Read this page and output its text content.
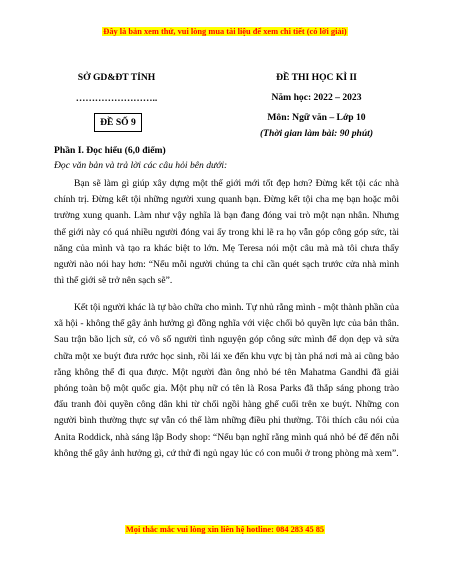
Đây là bản xem thử, vui lòng mua tài liệu để xem chi tiết (có lời giải)
SỞ GD&ĐT TỈNH
……………………..
ĐỀ SỐ 9
ĐỀ THI HỌC KÌ II
Năm học: 2022 – 2023
Môn: Ngữ văn – Lớp 10
(Thời gian làm bài: 90 phút)
Phần I. Đọc hiểu (6,0 điểm)
Đọc văn bản và trả lời các câu hỏi bên dưới:

Bạn sẽ làm gì giúp xây dựng một thế giới mới tốt đẹp hơn? Đừng kết tội các nhà chính trị. Đừng kết tội những người xung quanh bạn. Đừng kết tội cha mẹ bạn hoặc môi trường xung quanh. Làm như vậy nghĩa là bạn đang đóng vai trò một nạn nhân. Nhưng thế giới này có quá nhiều người đóng vai ấy trong khi lẽ ra họ vẫn góp công góp sức, tài năng của mình và tạo ra khác biệt to lớn. Mẹ Teresa nói một câu mà mà tôi chưa thấy người nào nói hay hơn: “Nếu mỗi người chúng ta chỉ cần quét sạch trước cửa nhà mình thì thế giới sẽ trở nên sạch sẽ”.

Kết tội người khác là tự bào chữa cho mình. Tự nhủ rằng mình - một thành phần của xã hội - không thể gây ảnh hưởng gì đồng nghĩa với việc chối bỏ quyền lực của bản thân. Sau trận bão lịch sử, có vô số người tình nguyện góp công sức mình để dọn dẹp và sửa chữa một xe buýt đưa rước học sinh, rồi lái xe đến khu vực bị tàn phá nơi mà ai cũng bảo rằng không thể đi qua được. Một người đàn ông nhỏ bé tên Mahatma Gandhi đã giải phóng toàn bộ một quốc gia. Một phụ nữ có tên là Rosa Parks đã thắp sáng phong trào đấu tranh đòi quyền công dân khi từ chối ngồi hàng ghế cuối trên xe buýt. Những con người bình thường thực sự vẫn có thể làm những điều phi thường. Tôi thích câu nói của Anita Roddick, nhà sáng lập Body shop: “Nếu bạn nghĩ rằng mình quá nhỏ bé để đến nỗi không thể gây ảnh hưởng gì, cứ thử đi ngủ ngay lúc có con muỗi ở trong phòng mà xem”.

Mọi thắc mắc vui lòng xin liên hệ hotline: 084 283 45 85
